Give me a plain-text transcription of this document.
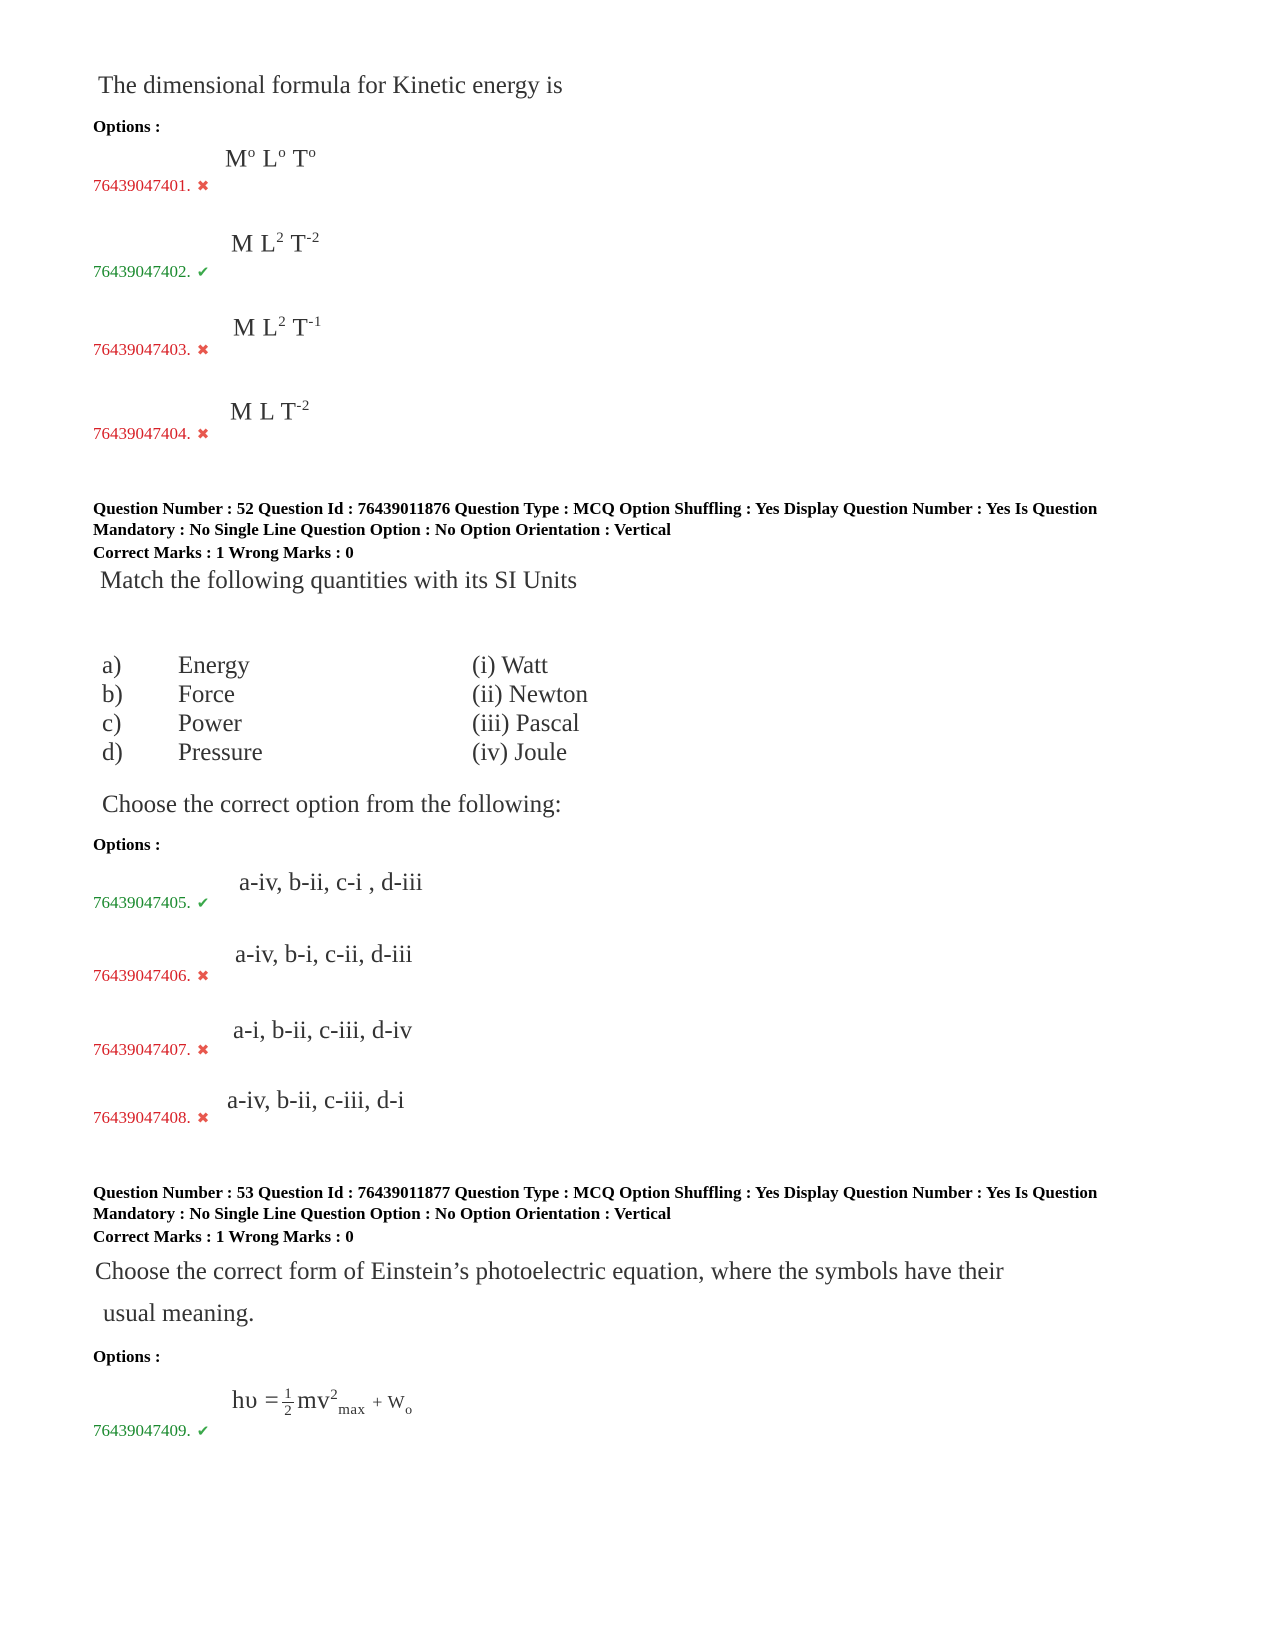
The dimensional formula for Kinetic energy is
Options :
$M^o$ $L^o$ $T^o$
76439047401. ✖
M $L^2$ $T^{-2}$
76439047402. ✔
M $L^2$ $T^{-1}$
76439047403. ✖
M L $T^{-2}$
76439047404. ✖
Question Number : 52 Question Id : 76439011876 Question Type : MCQ Option Shuffling : Yes Display Question Number : Yes Is Question
Mandatory : No Single Line Question Option : No Option Orientation : Vertical
Correct Marks : 1 Wrong Marks : 0
Match the following quantities with its SI Units
a)	Energy	(i) Watt
b)	Force	(ii) Newton
c)	Power	(iii) Pascal
d)	Pressure	(iv) Joule
Choose the correct option from the following:
Options :
a-iv, b-ii, c-i , d-iii
76439047405. ✔
a-iv, b-i, c-ii, d-iii
76439047406. ✖
a-i, b-ii, c-iii, d-iv
76439047407. ✖
a-iv, b-ii, c-iii, d-i
76439047408. ✖
Question Number : 53 Question Id : 76439011877 Question Type : MCQ Option Shuffling : Yes Display Question Number : Yes Is Question
Mandatory : No Single Line Question Option : No Option Orientation : Vertical
Correct Marks : 1 Wrong Marks : 0
Choose the correct form of Einstein’s photoelectric equation, where the symbols have their
usual meaning.
Options :
$h\upsilon = \frac{1}{2} mv^2_{max} + W_o$
76439047409. ✔
